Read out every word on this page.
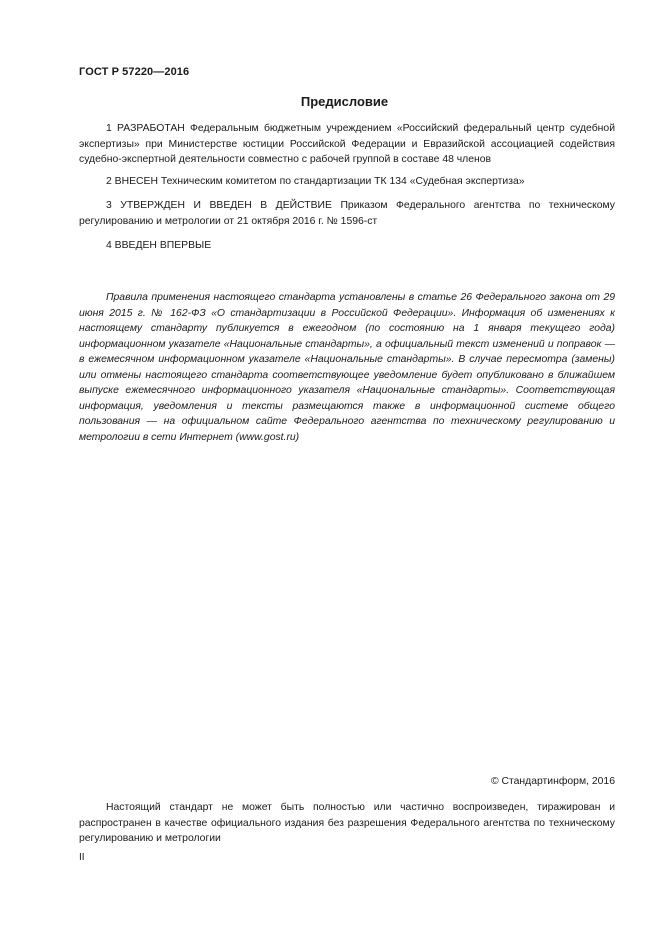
ГОСТ Р 57220—2016
Предисловие

1 РАЗРАБОТАН Федеральным бюджетным учреждением «Российский федеральный центр судебной экспертизы» при Министерстве юстиции Российской Федерации и Евразийской ассоциацией содействия судебно-экспертной деятельности совместно с рабочей группой в составе 48 членов

2 ВНЕСЕН Техническим комитетом по стандартизации ТК 134 «Судебная экспертиза»

3 УТВЕРЖДЕН И ВВЕДЕН В ДЕЙСТВИЕ Приказом Федерального агентства по техническому регулированию и метрологии от 21 октября 2016 г. № 1596-ст

4 ВВЕДЕН ВПЕРВЫЕ

Правила применения настоящего стандарта установлены в статье 26 Федерального закона от 29 июня 2015 г. № 162-ФЗ «О стандартизации в Российской Федерации». Информация об изменениях к настоящему стандарту публикуется в ежегодном (по состоянию на 1 января текущего года) информационном указателе «Национальные стандарты», а официальный текст изменений и поправок — в ежемесячном информационном указателе «Национальные стандарты». В случае пересмотра (замены) или отмены настоящего стандарта соответствующее уведомление будет опубликовано в ближайшем выпуске ежемесячного информационного указателя «Национальные стандарты». Соответствующая информация, уведомления и тексты размещаются также в информационной системе общего пользования — на официальном сайте Федерального агентства по техническому регулированию и метрологии в сети Интернет (www.gost.ru)

© Стандартинформ, 2016

Настоящий стандарт не может быть полностью или частично воспроизведен, тиражирован и распространен в качестве официального издания без разрешения Федерального агентства по техническому регулированию и метрологии

II
